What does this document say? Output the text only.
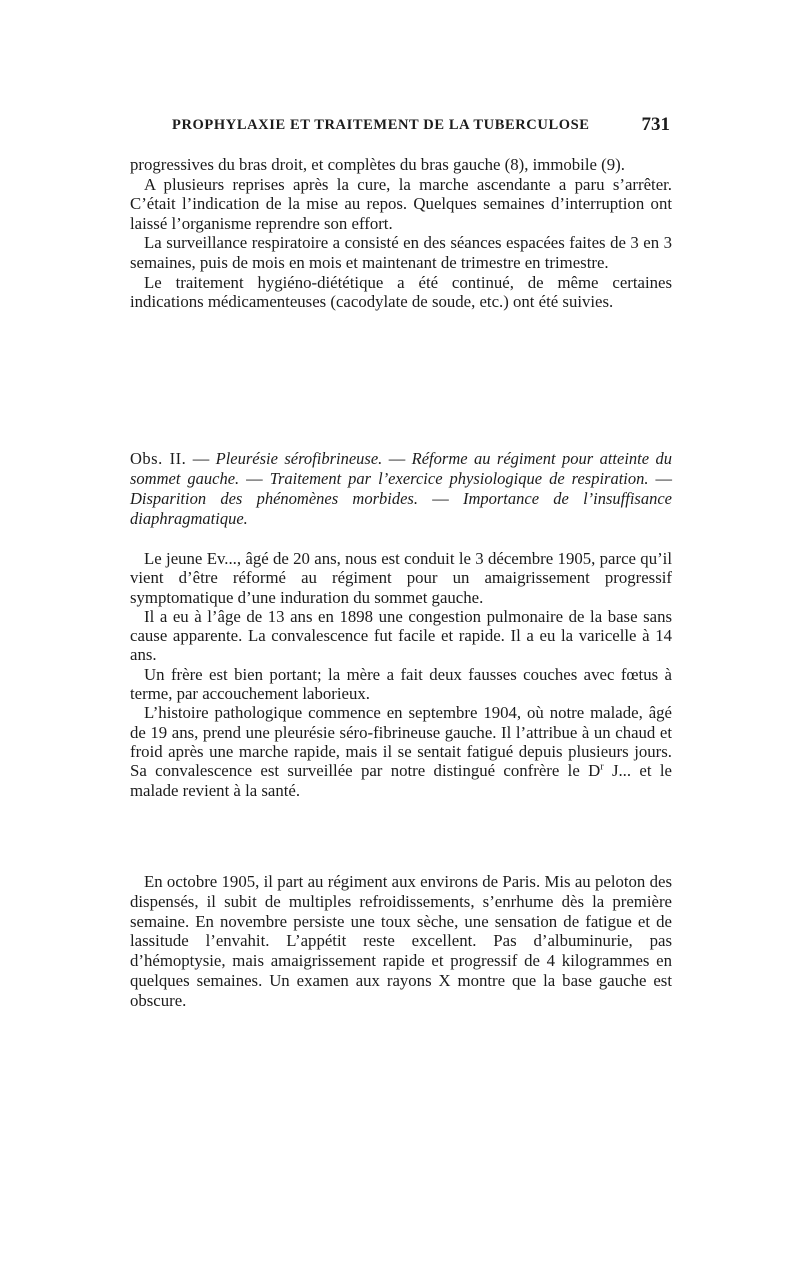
PROPHYLAXIE ET TRAITEMENT DE LA TUBERCULOSE	731

progressives du bras droit, et complètes du bras gauche (8), immobile (9).

A plusieurs reprises après la cure, la marche ascendante a paru s’arrêter. C’était l’indication de la mise au repos. Quelques semaines d’interruption ont laissé l’organisme reprendre son effort.

La surveillance respiratoire a consisté en des séances espacées faites de 3 en 3 semaines, puis de mois en mois et maintenant de trimestre en trimestre.

Le traitement hygiéno-diététique a été continué, de même certaines indications médicamenteuses (cacodylate de soude, etc.) ont été suivies.

Obs. II. — Pleurésie sérofibrineuse. — Réforme au régiment pour atteinte du sommet gauche. — Traitement par l’exercice physiologique de respiration. — Disparition des phénomènes morbides. — Importance de l’insuffisance diaphragmatique.

Le jeune Ev..., âgé de 20 ans, nous est conduit le 3 décembre 1905, parce qu’il vient d’être réformé au régiment pour un amaigrissement progressif symptomatique d’une induration du sommet gauche.

Il a eu à l’âge de 13 ans en 1898 une congestion pulmonaire de la base sans cause apparente. La convalescence fut facile et rapide. Il a eu la varicelle à 14 ans.

Un frère est bien portant; la mère a fait deux fausses couches avec fœtus à terme, par accouchement laborieux.

L’histoire pathologique commence en septembre 1904, où notre malade, âgé de 19 ans, prend une pleurésie séro-fibrineuse gauche. Il l’attribue à un chaud et froid après une marche rapide, mais il se sentait fatigué depuis plusieurs jours. Sa convalescence est surveillée par notre distingué confrère le $D^r$ J... et le malade revient à la santé.

En octobre 1905, il part au régiment aux environs de Paris. Mis au peloton des dispensés, il subit de multiples refroidissements, s’enrhume dès la première semaine. En novembre persiste une toux sèche, une sensation de fatigue et de lassitude l’envahit. L’appétit reste excellent. Pas d’albuminurie, pas d’hémoptysie, mais amaigrissement rapide et progressif de 4 kilogrammes en quelques semaines. Un examen aux rayons X montre que la base gauche est obscure.
